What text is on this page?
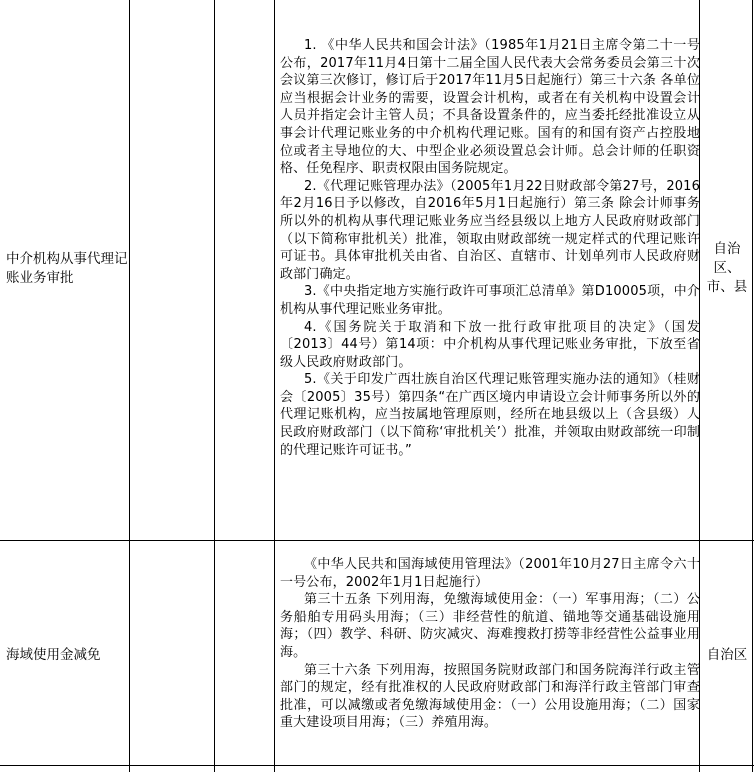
中介机构从事代理记账业务审批
自治区、市、县

1. 《中华人民共和国会计法》（1985年1月21日主席令第二十一号公布，2017年11月4日第十二届全国人民代表大会常务委员会第三十次会议第三次修订，修订后于2017年11月5日起施行）第三十六条 各单位应当根据会计业务的需要，设置会计机构，或者在有关机构中设置会计人员并指定会计主管人员；不具备设置条件的，应当委托经批准设立从事会计代理记账业务的中介机构代理记账。国有的和国有资产占控股地位或者主导地位的大、中型企业必须设置总会计师。总会计师的任职资格、任免程序、职责权限由国务院规定。

2.《代理记账管理办法》（2005年1月22日财政部令第27号，2016年2月16日予以修改，自2016年5月1日起施行）第三条 除会计师事务所以外的机构从事代理记账业务应当经县级以上地方人民政府财政部门（以下简称审批机关）批准，领取由财政部统一规定样式的代理记账许可证书。具体审批机关由省、自治区、直辖市、计划单列市人民政府财政部门确定。

3.《中央指定地方实施行政许可事项汇总清单》第D10005项，中介机构从事代理记账业务审批。

4.《国务院关于取消和下放一批行政审批项目的决定》（国发〔2013〕44号）第14项：中介机构从事代理记账业务审批，下放至省级人民政府财政部门。

5.《关于印发广西壮族自治区代理记账管理实施办法的通知》（桂财会〔2005〕35号）第四条“在广西区境内申请设立会计师事务所以外的代理记账机构，应当按属地管理原则，经所在地县级以上（含县级）人民政府财政部门（以下简称‘审批机关’）批准，并领取由财政部统一印制的代理记账许可证书。”

海域使用金减免	自治区

《中华人民共和国海域使用管理法》（2001年10月27日主席令六十一号公布，2002年1月1日起施行）

第三十五条 下列用海，免缴海域使用金：（一）军事用海；（二）公务船舶专用码头用海；（三）非经营性的航道、锚地等交通基础设施用海；（四）教学、科研、防灾减灾、海难搜救打捞等非经营性公益事业用海。

第三十六条 下列用海，按照国务院财政部门和国务院海洋行政主管部门的规定，经有批准权的人民政府财政部门和海洋行政主管部门审查批准，可以减缴或者免缴海域使用金：（一）公用设施用海；（二）国家重大建设项目用海；（三）养殖用海。
